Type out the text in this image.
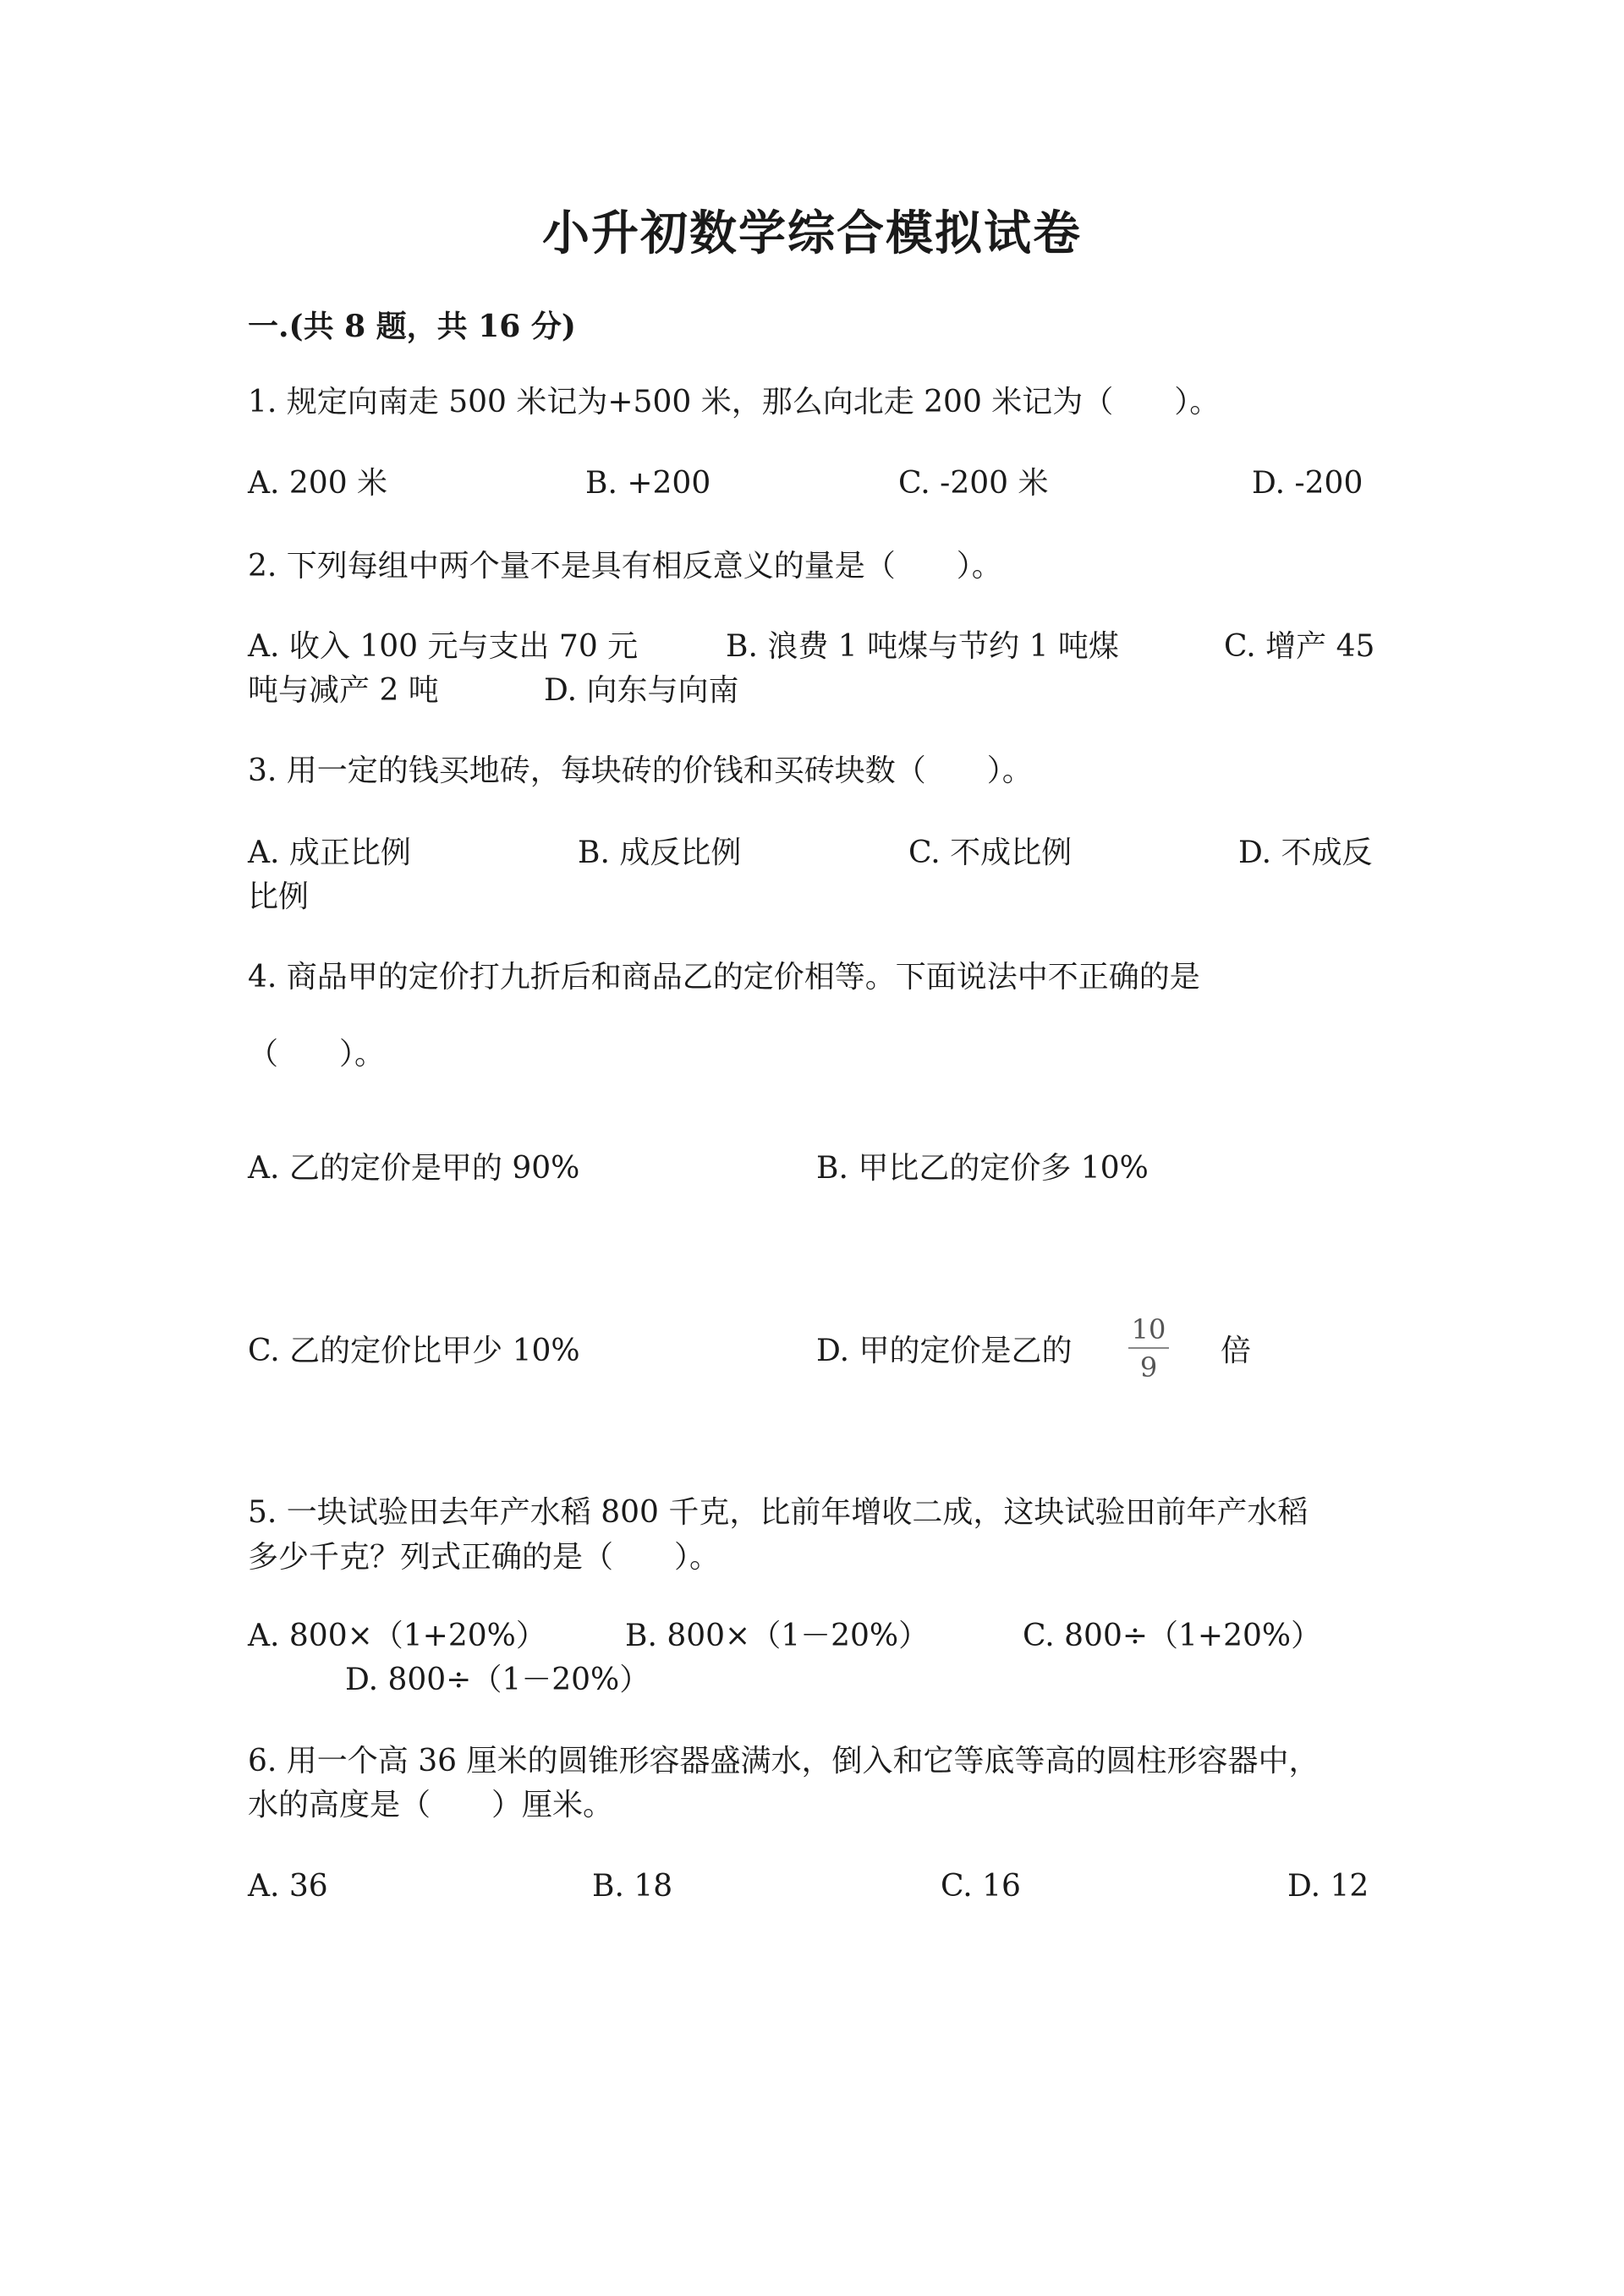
小升初数学综合模拟试卷
一.(共 8 题，共 16 分)
1. 规定向南走 500 米记为+500 米，那么向北走 200 米记为（　　）。
A. 200 米	B. +200	C. -200 米	D. -200
2. 下列每组中两个量不是具有相反意义的量是（　　）。
A. 收入 100 元与支出 70 元	B. 浪费 1 吨煤与节约 1 吨煤	C. 增产 45
吨与减产 2 吨	D. 向东与向南
3. 用一定的钱买地砖，每块砖的价钱和买砖块数（　　）。
A. 成正比例	B. 成反比例	C. 不成比例	D. 不成反
比例
4. 商品甲的定价打九折后和商品乙的定价相等。下面说法中不正确的是
（　　）。
A. 乙的定价是甲的 90%	B. 甲比乙的定价多 10%
C. 乙的定价比甲少 10%	D. 甲的定价是乙的
10
9	倍
5. 一块试验田去年产水稻 800 千克，比前年增收二成，这块试验田前年产水稻
多少千克？列式正确的是（　　）。
A. 800×（1+20%）	B. 800×（1－20%）	C. 800÷（1+20%）
D. 800÷（1－20%）
6. 用一个高 36 厘米的圆锥形容器盛满水，倒入和它等底等高的圆柱形容器中，
水的高度是（　　）厘米。
A. 36	B. 18	C. 16	D. 12
